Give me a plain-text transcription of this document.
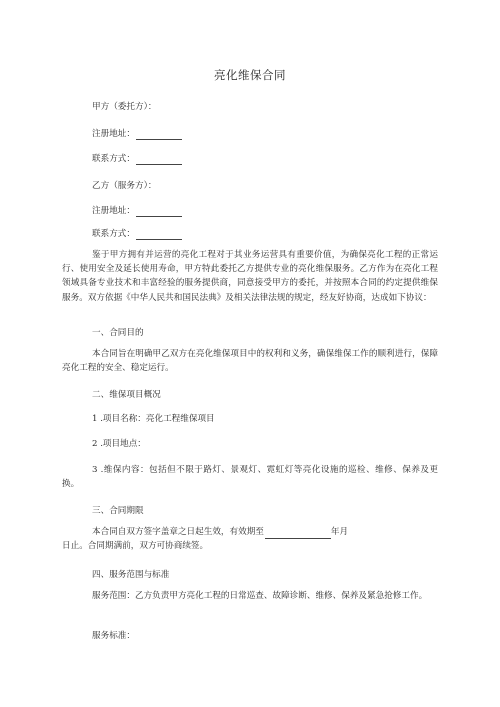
亮化维保合同
甲方（委托方）：
注册地址：
联系方式：
乙方（服务方）：
注册地址：
联系方式：
鉴于甲方拥有并运营的亮化工程对于其业务运营具有重要价值，为确保亮化工程的正常运行、使用安全及延长使用寿命，甲方特此委托乙方提供专业的亮化维保服务。乙方作为在亮化工程领域具备专业技术和丰富经验的服务提供商，同意接受甲方的委托，并按照本合同的约定提供维保服务。双方依据《中华人民共和国民法典》及相关法律法规的规定，经友好协商，达成如下协议：
一、合同目的
本合同旨在明确甲乙双方在亮化维保项目中的权利和义务，确保维保工作的顺利进行，保障亮化工程的安全、稳定运行。
二、维保项目概况
1 .项目名称：亮化工程维保项目
2 .项目地点：
3 .维保内容：包括但不限于路灯、景观灯、霓虹灯等亮化设施的巡检、维修、保养及更换。
三、合同期限
本合同自双方签字盖章之日起生效，有效期至	年月
日止。合同期满前，双方可协商续签。
四、服务范围与标准
服务范围：乙方负责甲方亮化工程的日常巡查、故障诊断、维修、保养及紧急抢修工作。
服务标准：
